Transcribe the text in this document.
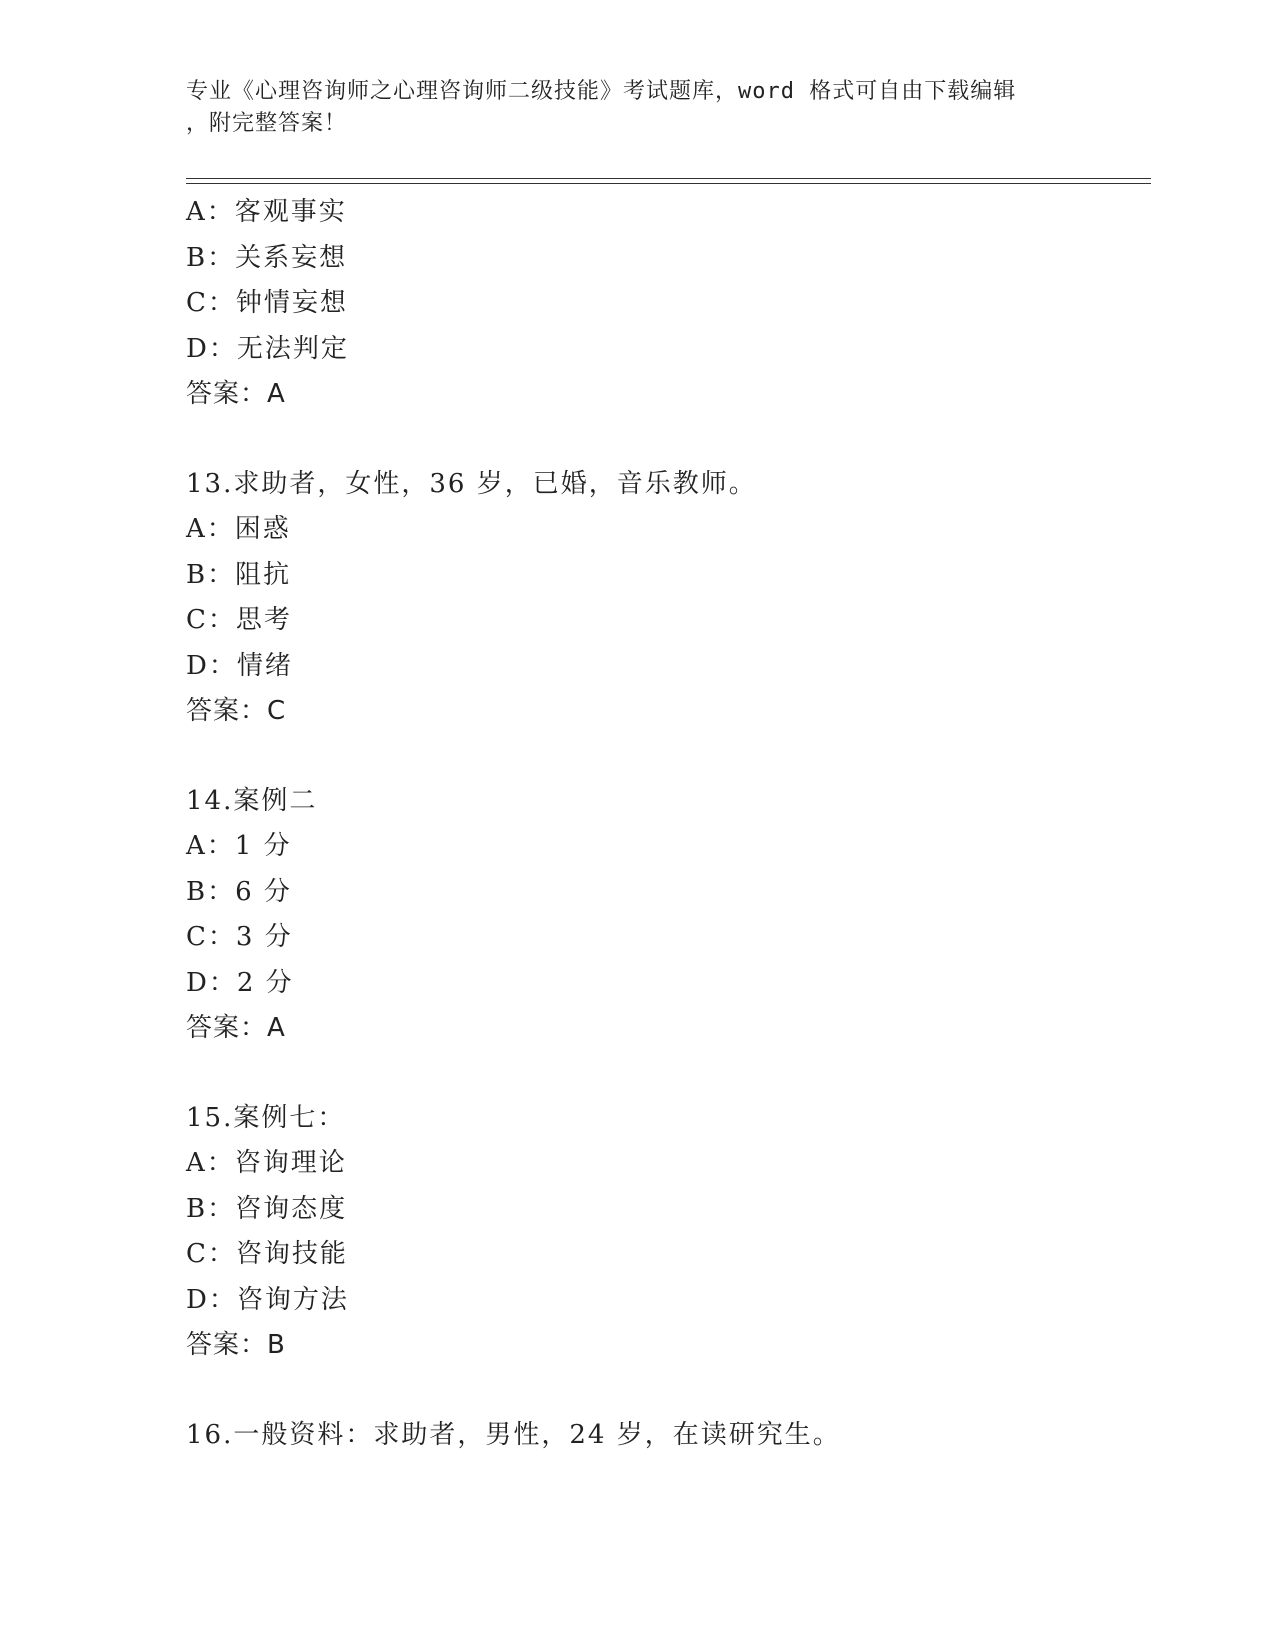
专业《心理咨询师之心理咨询师二级技能》考试题库，word 格式可自由下载编辑
，附完整答案！
A：客观事实
B：关系妄想
C：钟情妄想
D：无法判定
答案：A
13.求助者，女性，36 岁，已婚，音乐教师。
A：困惑
B：阻抗
C：思考
D：情绪
答案：C
14.案例二
A：1 分
B：6 分
C：3 分
D：2 分
答案：A
15.案例七：
A：咨询理论
B：咨询态度
C：咨询技能
D：咨询方法
答案：B
16.一般资料：求助者，男性，24 岁，在读研究生。
